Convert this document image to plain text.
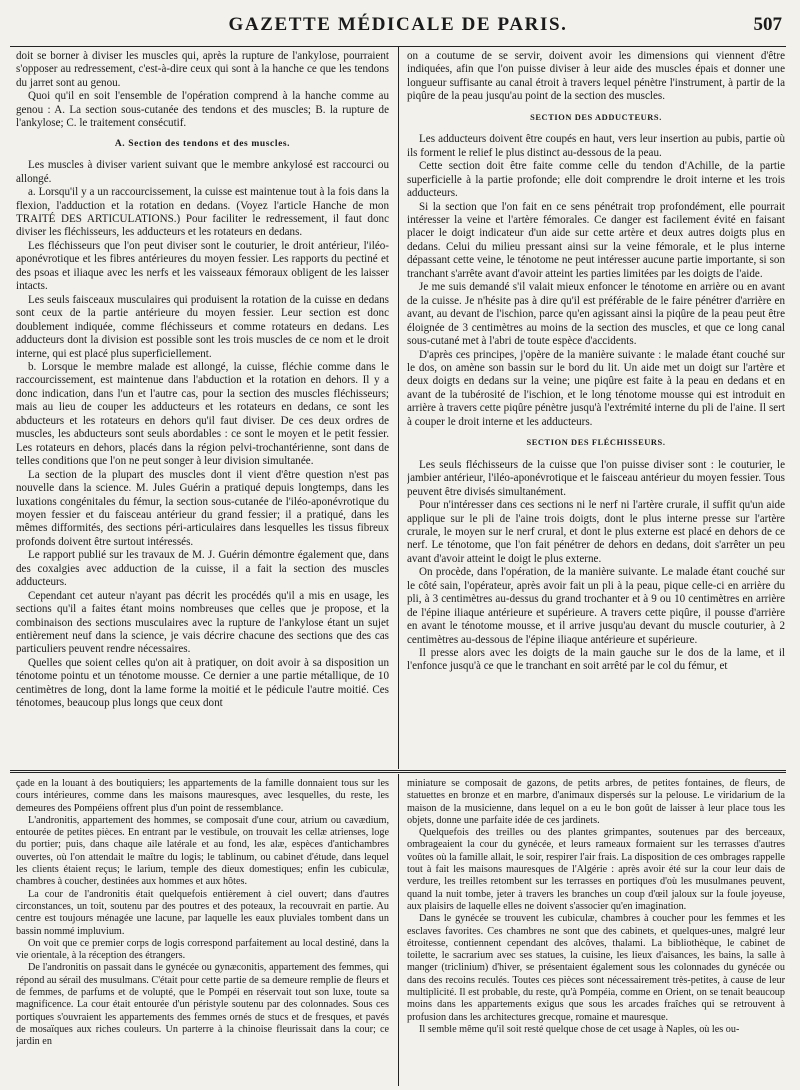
GAZETTE MÉDICALE DE PARIS.	507

doit se borner à diviser les muscles qui, après la rupture de l'ankylose, pourraient s'opposer au redressement, c'est-à-dire ceux qui sont à la hanche ce que les tendons du jarret sont au genou.

Quoi qu'il en soit l'ensemble de l'opération comprend à la hanche comme au genou : A. La section sous-cutanée des tendons et des muscles; B. la rupture de l'ankylose; C. le traitement consécutif.

A. Section des tendons et des muscles.

Les muscles à diviser varient suivant que le membre ankylosé est raccourci ou allongé.

a. Lorsqu'il y a un raccourcissement, la cuisse est maintenue tout à la fois dans la flexion, l'adduction et la rotation en dedans. (Voyez l'article Hanche de mon TRAITÉ DES ARTICULATIONS.) Pour faciliter le redressement, il faut donc diviser les fléchisseurs, les adducteurs et les rotateurs en dedans.

Les fléchisseurs que l'on peut diviser sont le couturier, le droit antérieur, l'iléo-aponévrotique et les fibres antérieures du moyen fessier. Les rapports du pectiné et des psoas et iliaque avec les nerfs et les vaisseaux fémoraux obligent de les laisser intacts.

Les seuls faisceaux musculaires qui produisent la rotation de la cuisse en dedans sont ceux de la partie antérieure du moyen fessier. Leur section est donc doublement indiquée, comme fléchisseurs et comme rotateurs en dedans. Les adducteurs dont la division est possible sont les trois muscles de ce nom et le droit interne, qui est placé plus superficiellement.

b. Lorsque le membre malade est allongé, la cuisse, fléchie comme dans le raccourcissement, est maintenue dans l'abduction et la rotation en dehors. Il y a donc indication, dans l'un et l'autre cas, pour la section des muscles fléchisseurs; mais au lieu de couper les adducteurs et les rotateurs en dedans, ce sont les abducteurs et les rotateurs en dehors qu'il faut diviser. De ces deux ordres de muscles, les abducteurs sont seuls abordables : ce sont le moyen et le petit fessier. Les rotateurs en dehors, placés dans la région pelvi-trochantérienne, sont dans de telles conditions que l'on ne peut songer à leur division simultanée.

La section de la plupart des muscles dont il vient d'être question n'est pas nouvelle dans la science. M. Jules Guérin a pratiqué depuis longtemps, dans les luxations congénitales du fémur, la section sous-cutanée de l'iléo-aponévrotique du moyen fessier et du faisceau antérieur du grand fessier; il a pratiqué, dans les mêmes difformités, des sections péri-articulaires dans lesquelles les tissus fibreux profonds doivent être surtout intéressés.

Le rapport publié sur les travaux de M. J. Guérin démontre également que, dans des coxalgies avec adduction de la cuisse, il a fait la section des muscles adducteurs.

Cependant cet auteur n'ayant pas décrit les procédés qu'il a mis en usage, les sections qu'il a faites étant moins nombreuses que celles que je propose, et la combinaison des sections musculaires avec la rupture de l'ankylose étant un sujet entièrement neuf dans la science, je vais décrire chacune des sections que des cas particuliers peuvent rendre nécessaires.

Quelles que soient celles qu'on ait à pratiquer, on doit avoir à sa disposition un ténotome pointu et un ténotome mousse. Ce dernier a une partie métallique, de 10 centimètres de long, dont la lame forme la moitié et le pédicule l'autre moitié. Ces ténotomes, beaucoup plus longs que ceux dont

on a coutume de se servir, doivent avoir les dimensions qui viennent d'être indiquées, afin que l'on puisse diviser à leur aide des muscles épais et donner une longueur suffisante au canal étroit à travers lequel pénètre l'instrument, à partir de la piqûre de la peau jusqu'au point de la section des muscles.

SECTION DES ADDUCTEURS.

Les adducteurs doivent être coupés en haut, vers leur insertion au pubis, partie où ils forment le relief le plus distinct au-dessous de la peau.

Cette section doit être faite comme celle du tendon d'Achille, de la partie superficielle à la partie profonde; elle doit comprendre le droit interne et les trois adducteurs.

Si la section que l'on fait en ce sens pénétrait trop profondément, elle pourrait intéresser la veine et l'artère fémorales. Ce danger est facilement évité en faisant placer le doigt indicateur d'un aide sur cette artère et deux autres doigts plus en dedans. Celui du milieu pressant ainsi sur la veine fémorale, et le plus interne dépassant cette veine, le ténotome ne peut intéresser aucune partie importante, si son tranchant s'arrête avant d'avoir atteint les parties limitées par les doigts de l'aide.

Je me suis demandé s'il valait mieux enfoncer le ténotome en arrière ou en avant de la cuisse. Je n'hésite pas à dire qu'il est préférable de le faire pénétrer d'arrière en avant, au devant de l'ischion, parce qu'en agissant ainsi la piqûre de la peau peut être éloignée de 3 centimètres au moins de la section des muscles, et que ce long canal sous-cutané met à l'abri de toute espèce d'accidents.

D'après ces principes, j'opère de la manière suivante : le malade étant couché sur le dos, on amène son bassin sur le bord du lit. Un aide met un doigt sur l'artère et deux doigts en dedans sur la veine; une piqûre est faite à la peau en dedans et en avant de la tubérosité de l'ischion, et le long ténotome mousse qui est introduit en arrière à travers cette piqûre pénètre jusqu'à l'extrémité interne du pli de l'aine. Il sert à couper le droit interne et les adducteurs.

SECTION DES FLÉCHISSEURS.

Les seuls fléchisseurs de la cuisse que l'on puisse diviser sont : le couturier, le jambier antérieur, l'iléo-aponévrotique et le faisceau antérieur du moyen fessier. Tous peuvent être divisés simultanément.

Pour n'intéresser dans ces sections ni le nerf ni l'artère crurale, il suffit qu'un aide applique sur le pli de l'aine trois doigts, dont le plus interne presse sur l'artère crurale, le moyen sur le nerf crural, et dont le plus externe est placé en dehors de ce nerf. Le ténotome, que l'on fait pénétrer de dehors en dedans, doit s'arrêter un peu avant d'avoir atteint le doigt le plus externe.

On procède, dans l'opération, de la manière suivante. Le malade étant couché sur le côté sain, l'opérateur, après avoir fait un pli à la peau, pique celle-ci en arrière du pli, à 3 centimètres au-dessus du grand trochanter et à 9 ou 10 centimètres en arrière de l'épine iliaque antérieure et supérieure. A travers cette piqûre, il pousse d'arrière en avant le ténotome mousse, et il arrive jusqu'au devant du muscle couturier, à 2 centimètres au-dessous de l'épine iliaque antérieure et supérieure.

Il presse alors avec les doigts de la main gauche sur le dos de la lame, et il l'enfonce jusqu'à ce que le tranchant en soit arrêté par le col du fémur, et

çade en la louant à des boutiquiers; les appartements de la famille donnaient tous sur les cours intérieures, comme dans les maisons mauresques, avec lesquelles, du reste, les demeures des Pompéiens offrent plus d'un point de ressemblance.

L'andronitis, appartement des hommes, se composait d'une cour, atrium ou cavædium, entourée de petites pièces. En entrant par le vestibule, on trouvait les cellæ atrienses, loge du portier; puis, dans chaque aile latérale et au fond, les alæ, espèces d'antichambres ouvertes, où l'on attendait le maître du logis; le tablinum, ou cabinet d'étude, dans lequel les clients étaient reçus; le larium, temple des dieux domestiques; enfin les cubiculæ, chambres à coucher, destinées aux hommes et aux hôtes.

La cour de l'andronitis était quelquefois entièrement à ciel ouvert; dans d'autres circonstances, un toit, soutenu par des poutres et des poteaux, la recouvrait en partie. Au centre est toujours ménagée une lacune, par laquelle les eaux pluviales tombent dans un bassin nommé impluvium.

On voit que ce premier corps de logis correspond parfaitement au local destiné, dans la vie orientale, à la réception des étrangers.

De l'andronitis on passait dans le gynécée ou gynæconitis, appartement des femmes, qui répond au sérail des musulmans. C'était pour cette partie de sa demeure remplie de fleurs et de femmes, de parfums et de volupté, que le Pompéi en réservait tout son luxe, toute sa magnificence. La cour était entourée d'un péristyle soutenu par des colonnades. Sous ces portiques s'ouvraient les appartements des femmes ornés de stucs et de fresques, et pavés de mosaïques aux riches couleurs. Un parterre à la chinoise fleurissait dans la cour; ce jardin en

miniature se composait de gazons, de petits arbres, de petites fontaines, de fleurs, de statuettes en bronze et en marbre, d'animaux dispersés sur la pelouse. Le viridarium de la maison de la musicienne, dans lequel on a eu le bon goût de laisser à leur place tous les objets, donne une parfaite idée de ces jardinets.

Quelquefois des treilles ou des plantes grimpantes, soutenues par des berceaux, ombrageaient la cour du gynécée, et leurs rameaux formaient sur les terrasses d'autres voûtes où la famille allait, le soir, respirer l'air frais. La disposition de ces ombrages rappelle tout à fait les maisons mauresques de l'Algérie : après avoir été sur la cour leur dais de verdure, les treilles retombent sur les terrasses en portiques d'où les musulmanes peuvent, quand la nuit tombe, jeter à travers les branches un coup d'œil jaloux sur la foule joyeuse, aux plaisirs de laquelle elles ne doivent s'associer qu'en imagination.

Dans le gynécée se trouvent les cubiculæ, chambres à coucher pour les femmes et les esclaves favorites. Ces chambres ne sont que des cabinets, et quelques-unes, malgré leur étroitesse, contiennent cependant des alcôves, thalami. La bibliothèque, le cabinet de toilette, le sacrarium avec ses statues, la cuisine, les lieux d'aisances, les bains, la salle à manger (triclinium) d'hiver, se présentaient également sous les colonnades du gynécée ou dans des recoins reculés. Toutes ces pièces sont nécessairement très-petites, à cause de leur multiplicité. Il est probable, du reste, qu'à Pompéia, comme en Orient, on se tenait beaucoup moins dans les appartements exigus que sous les arcades fraîches qui se retrouvent à profusion dans les architectures grecque, romaine et mauresque.

Il semble même qu'il soit resté quelque chose de cet usage à Naples, où les ou-
